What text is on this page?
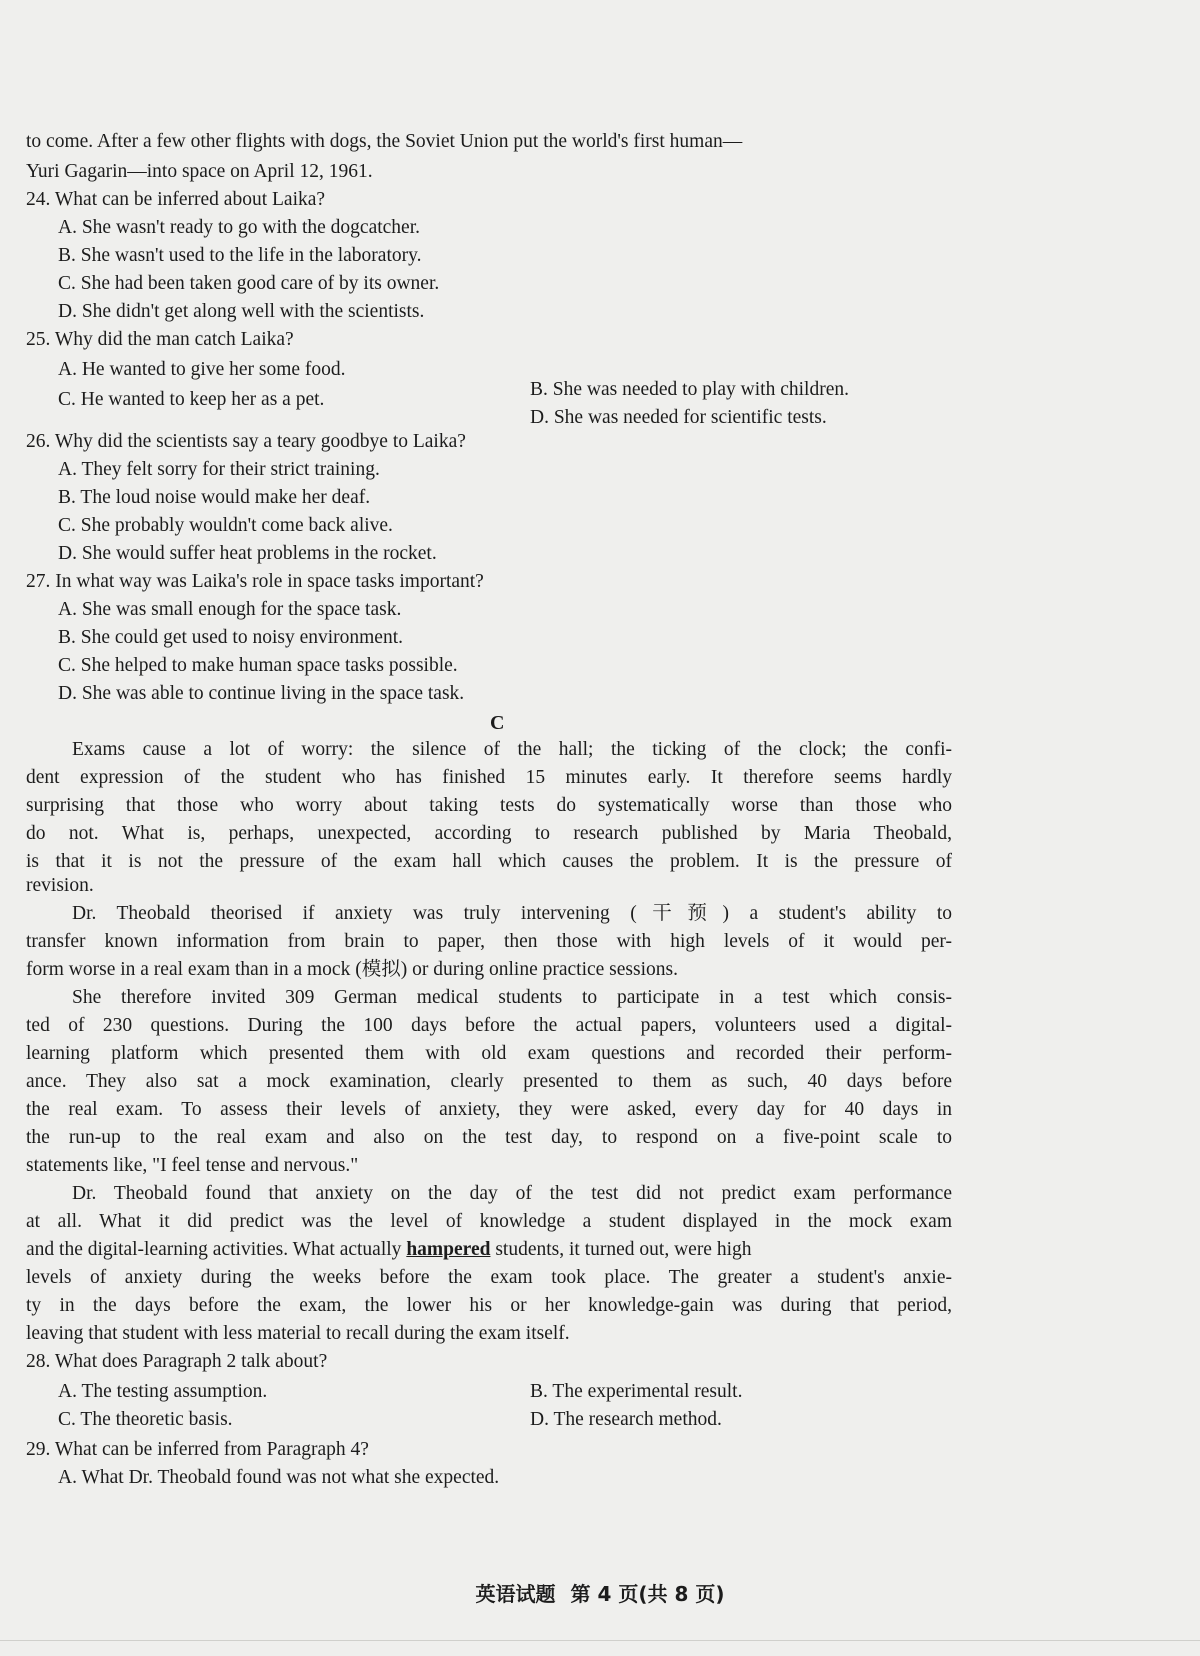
to come. After a few other flights with dogs, the Soviet Union put the world's first human—
Yuri Gagarin—into space on April 12, 1961.
24. What can be inferred about Laika?
A. She wasn't ready to go with the dogcatcher.
B. She wasn't used to the life in the laboratory.
C. She had been taken good care of by its owner.
D. She didn't get along well with the scientists.
25. Why did the man catch Laika?
A. He wanted to give her some food.
B. She was needed to play with children.
C. He wanted to keep her as a pet.
D. She was needed for scientific tests.
26. Why did the scientists say a teary goodbye to Laika?
A. They felt sorry for their strict training.
B. The loud noise would make her deaf.
C. She probably wouldn't come back alive.
D. She would suffer heat problems in the rocket.
27. In what way was Laika's role in space tasks important?
A. She was small enough for the space task.
B. She could get used to noisy environment.
C. She helped to make human space tasks possible.
D. She was able to continue living in the space task.
C
Exams cause a lot of worry: the silence of the hall; the ticking of the clock; the confi-
dent expression of the student who has finished 15 minutes early. It therefore seems hardly
surprising that those who worry about taking tests do systematically worse than those who
do not. What is, perhaps, unexpected, according to research published by Maria Theobald,
is that it is not the pressure of the exam hall which causes the problem. It is the pressure of
revision.
Dr. Theobald theorised if anxiety was truly intervening (干预) a student's ability to
transfer known information from brain to paper, then those with high levels of it would per-
form worse in a real exam than in a mock (模拟) or during online practice sessions.
She therefore invited 309 German medical students to participate in a test which consis-
ted of 230 questions. During the 100 days before the actual papers, volunteers used a digital-
learning platform which presented them with old exam questions and recorded their perform-
ance. They also sat a mock examination, clearly presented to them as such, 40 days before
the real exam. To assess their levels of anxiety, they were asked, every day for 40 days in
the run-up to the real exam and also on the test day, to respond on a five-point scale to
statements like, "I feel tense and nervous."
Dr. Theobald found that anxiety on the day of the test did not predict exam performance
at all. What it did predict was the level of knowledge a student displayed in the mock exam
and the digital-learning activities. What actually hampered students, it turned out, were high
levels of anxiety during the weeks before the exam took place. The greater a student's anxie-
ty in the days before the exam, the lower his or her knowledge-gain was during that period,
leaving that student with less material to recall during the exam itself.
28. What does Paragraph 2 talk about?
A. The testing assumption.	B. The experimental result.
C. The theoretic basis.	D. The research method.
29. What can be inferred from Paragraph 4?
A. What Dr. Theobald found was not what she expected.
英语试题 第 4 页(共 8 页)
